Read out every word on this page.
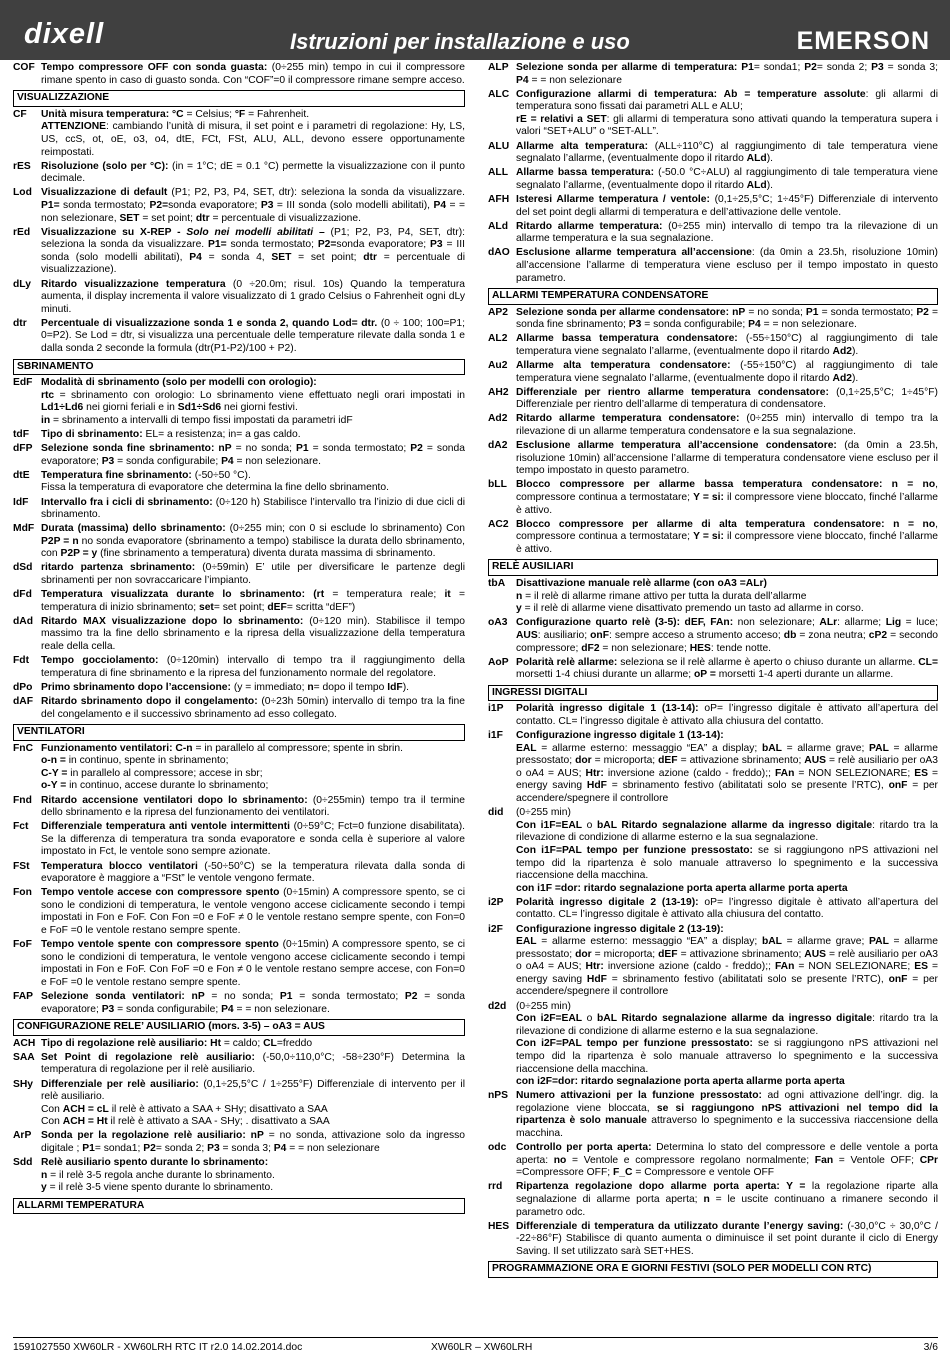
dixell	Istruzioni per installazione e uso	EMERSON
COF Tempo compressore OFF con sonda guasta: (0÷255 min) tempo in cui il compressore rimane spento in caso di guasto sonda. Con “COF”=0 il compressore rimane sempre acceso.
VISUALIZZAZIONE
CF Unità misura temperatura: °C = Celsius; °F = Fahrenheit.
ATTENZIONE: cambiando l’unità di misura, il set point e i parametri di regolazione: Hy, LS, US, ccS, ot, oE, o3, o4, dtE, FCt, FSt, ALU, ALL, devono essere opportunamente reimpostati.
rES Risoluzione (solo per °C): (in = 1°C; dE = 0.1 °C) permette la visualizzazione con il punto decimale.
Lod Visualizzazione di default (P1; P2, P3, P4, SET, dtr): seleziona la sonda da visualizzare. P1= sonda termostato; P2=sonda evaporatore; P3 = III sonda (solo modelli abilitati), P4 = = non selezionare, SET = set point; dtr = percentuale di visualizzazione.
rEd Visualizzazione su X-REP - Solo nei modelli abilitati – (P1; P2, P3, P4, SET, dtr): seleziona la sonda da visualizzare. P1= sonda termostato; P2=sonda evaporatore; P3 = III sonda (solo modelli abilitati), P4 = sonda 4, SET = set point; dtr = percentuale di visualizzazione).
dLy Ritardo visualizzazione temperatura (0 ÷20.0m; risul. 10s) Quando la temperatura aumenta, il display incrementa il valore visualizzato di 1 grado Celsius o Fahrenheit ogni dLy minuti.
dtr Percentuale di visualizzazione sonda 1 e sonda 2, quando Lod= dtr. (0 ÷ 100; 100=P1; 0=P2). Se Lod = dtr, si visualizza una percentuale delle temperature rilevate dalla sonda 1 e dalla sonda 2 seconde la formula (dtr(P1-P2)/100 + P2).
SBRINAMENTO
EdF Modalità di sbrinamento (solo per modelli con orologio):
rtc = sbrinamento con orologio: Lo sbrinamento viene effettuato negli orari impostati in Ld1÷Ld6 nei giorni feriali e in Sd1÷Sd6 nei giorni festivi.
in = sbrinamento a intervalli di tempo fissi impostati da parametri idF
tdF Tipo di sbrinamento: EL= a resistenza; in= a gas caldo.
dFP Selezione sonda fine sbrinamento: nP = no sonda; P1 = sonda termostato; P2 = sonda evaporatore; P3 = sonda configurabile; P4 = non selezionare.
dtE Temperatura fine sbrinamento: (-50÷50 °C).
Fissa la temperatura di evaporatore che determina la fine dello sbrinamento.
IdF Intervallo fra i cicli di sbrinamento: (0÷120 h) Stabilisce l’intervallo tra l’inizio di due cicli di sbrinamento.
MdF Durata (massima) dello sbrinamento: (0÷255 min; con 0 si esclude lo sbrinamento) Con P2P = n no sonda evaporatore (sbrinamento a tempo) stabilisce la durata dello sbrinamento, con P2P = y (fine sbrinamento a temperatura) diventa durata massima di sbrinamento.
dSd ritardo partenza sbrinamento: (0÷59min) E’ utile per diversificare le partenze degli sbrinamenti per non sovraccaricare l’impianto.
dFd Temperatura visualizzata durante lo sbrinamento: (rt = temperatura reale; it = temperatura di inizio sbrinamento; set= set point; dEF= scritta “dEF”)
dAd Ritardo MAX visualizzazione dopo lo sbrinamento: (0÷120 min). Stabilisce il tempo massimo tra la fine dello sbrinamento e la ripresa della visualizzazione della temperatura reale della cella.
Fdt Tempo gocciolamento: (0÷120min) intervallo di tempo tra il raggiungimento della temperatura di fine sbrinamento e la ripresa del funzionamento normale del regolatore.
dPo Primo sbrinamento dopo l’accensione: (y = immediato; n= dopo il tempo IdF).
dAF Ritardo sbrinamento dopo il congelamento: (0÷23h 50min) intervallo di tempo tra la fine del congelamento e il successivo sbrinamento ad esso collegato.
VENTILATORI
FnC Funzionamento ventilatori: C-n = in parallelo al compressore; spente in sbrin.
o-n = in continuo, spente in sbrinamento;
C-Y = in parallelo al compressore; accese in sbr;
o-Y = in continuo, accese durante lo sbrinamento;
Fnd Ritardo accensione ventilatori dopo lo sbrinamento: (0÷255min) tempo tra il termine dello sbrinamento e la ripresa del funzionamento dei ventilatori.
Fct Differenziale temperatura anti ventole intermittenti (0÷59°C; Fct=0 funzione disabilitata). Se la differenza di temperatura tra sonda evaporatore e sonda cella è superiore al valore impostato in Fct, le ventole sono sempre azionate.
FSt Temperatura blocco ventilatori (-50÷50°C) se la temperatura rilevata dalla sonda di evaporatore è maggiore a “FSt” le ventole vengono fermate.
Fon Tempo ventole accese con compressore spento (0÷15min) A compressore spento, se ci sono le condizioni di temperatura, le ventole vengono accese ciclicamente secondo i tempi impostati in Fon e FoF. Con Fon =0 e FoF ≠ 0 le ventole restano sempre spente, con Fon=0 e FoF =0 le ventole restano sempre spente.
FoF Tempo ventole spente con compressore spento (0÷15min) A compressore spento, se ci sono le condizioni di temperatura, le ventole vengono accese ciclicamente secondo i tempi impostati in Fon e FoF. Con FoF =0 e Fon ≠ 0 le ventole restano sempre accese, con Fon=0 e FoF =0 le ventole restano sempre spente.
FAP Selezione sonda ventilatori: nP = no sonda; P1 = sonda termostato; P2 = sonda evaporatore; P3 = sonda configurabile; P4 = = non selezionare.
CONFIGURAZIONE RELE’ AUSILIARIO (mors. 3-5) – oA3 = AUS
ACH Tipo di regolazione relè ausiliario: Ht = caldo; CL=freddo
SAA Set Point di regolazione relè ausiliario: (-50,0÷110,0°C; -58÷230°F) Determina la temperatura di regolazione per il relè ausiliario.
SHy Differenziale per relè ausiliario: (0,1÷25,5°C / 1÷255°F) Differenziale di intervento per il relè ausiliario.
Con ACH = cL il relè è attivato a SAA + SHy; disattivato a SAA
Con ACH = Ht il relè è attivato a SAA - SHy; . disattivato a SAA
ArP Sonda per la regolazione relè ausiliario: nP = no sonda, attivazione solo da ingresso digitale ; P1= sonda1; P2= sonda 2; P3 = sonda 3; P4 = = non selezionare
Sdd Relè ausiliario spento durante lo sbrinamento:
n = il relè 3-5 regola anche durante lo sbrinamento.
y = il relè 3-5 viene spento durante lo sbrinamento.
ALLARMI TEMPERATURA
ALP Selezione sonda per allarme di temperatura: P1= sonda1; P2= sonda 2; P3 = sonda 3; P4 = = non selezionare
ALC Configurazione allarmi di temperatura: Ab = temperature assolute: gli allarmi di temperatura sono fissati dai parametri ALL e ALU;
rE = relativi a SET: gli allarmi di temperatura sono attivati quando la temperatura supera i valori “SET+ALU” o “SET-ALL”.
ALU Allarme alta temperatura: (ALL÷110°C) al raggiungimento di tale temperatura viene segnalato l’allarme, (eventualmente dopo il ritardo ALd).
ALL Allarme bassa temperatura: (-50.0 °C÷ALU) al raggiungimento di tale temperatura viene segnalato l’allarme, (eventualmente dopo il ritardo ALd).
AFH Isteresi Allarme temperatura / ventole: (0,1÷25,5°C; 1÷45°F) Differenziale di intervento del set point degli allarmi di temperatura e dell’attivazione delle ventole.
ALd Ritardo allarme temperatura: (0÷255 min) intervallo di tempo tra la rilevazione di un allarme temperatura e la sua segnalazione.
dAO Esclusione allarme temperatura all’accensione: (da 0min a 23.5h, risoluzione 10min) all’accensione l’allarme di temperatura viene escluso per il tempo impostato in questo parametro.
ALLARMI TEMPERATURA CONDENSATORE
AP2 Selezione sonda per allarme condensatore: nP = no sonda; P1 = sonda termostato; P2 = sonda fine sbrinamento; P3 = sonda configurabile; P4 = = non selezionare.
AL2 Allarme bassa temperatura condensatore: (-55÷150°C) al raggiungimento di tale temperatura viene segnalato l’allarme, (eventualmente dopo il ritardo Ad2).
Au2 Allarme alta temperatura condensatore: (-55÷150°C) al raggiungimento di tale temperatura viene segnalato l’allarme, (eventualmente dopo il ritardo Ad2).
AH2 Differenziale per rientro allarme temperatura condensatore: (0,1÷25,5°C; 1÷45°F) Differenziale per rientro dell’allarme di temperatura di condensatore.
Ad2 Ritardo allarme temperatura condensatore: (0÷255 min) intervallo di tempo tra la rilevazione di un allarme temperatura condensatore e la sua segnalazione.
dA2 Esclusione allarme temperatura all’accensione condensatore: (da 0min a 23.5h, risoluzione 10min) all’accensione l’allarme di temperatura condensatore viene escluso per il tempo impostato in questo parametro.
bLL Blocco compressore per allarme bassa temperatura condensatore: n = no, compressore continua a termostatare; Y = si: il compressore viene bloccato, finché l’allarme è attivo.
AC2 Blocco compressore per allarme di alta temperatura condensatore: n = no, compressore continua a termostatare; Y = si: il compressore viene bloccato, finché l’allarme è attivo.
RELÈ AUSILIARI
tbA Disattivazione manuale relè allarme (con oA3 =ALr)
n = il relè di allarme rimane attivo per tutta la durata dell’allarme
y = il relè di allarme viene disattivato premendo un tasto ad allarme in corso.
oA3 Configurazione quarto relè (3-5): dEF, FAn: non selezionare; ALr: allarme; Lig = luce; AUS: ausiliario; onF: sempre acceso a strumento acceso; db = zona neutra; cP2 = secondo compressore; dF2 = non selezionare; HES: tende notte.
AoP Polarità relè allarme: seleziona se il relè allarme è aperto o chiuso durante un allarme. CL= morsetti 1-4 chiusi durante un allarme; oP = morsetti 1-4 aperti durante un allarme.
INGRESSI DIGITALI
i1P Polarità ingresso digitale 1 (13-14): oP= l’ingresso digitale è attivato all’apertura del contatto. CL= l’ingresso digitale è attivato alla chiusura del contatto.
i1F Configurazione ingresso digitale 1 (13-14):
EAL = allarme esterno: messaggio “EA” a display; bAL = allarme grave; PAL = allarme pressostato; dor = microporta; dEF = attivazione sbrinamento; AUS = relè ausiliario per oA3 o oA4 = AUS; Htr: inversione azione (caldo - freddo);; FAn = NON SELEZIONARE; ES = energy saving HdF = sbrinamento festivo (abilitatati solo se presente l’RTC), onF = per accendere/spegnere il controllore
did (0÷255 min)
Con i1F=EAL o bAL Ritardo segnalazione allarme da ingresso digitale: ritardo tra la rilevazione di condizione di allarme esterno e la sua segnalazione.
Con i1F=PAL tempo per funzione pressostato: se si raggiungono nPS attivazioni nel tempo did la ripartenza è solo manuale attraverso lo spegnimento e la successiva riaccensione della macchina.
con i1F =dor: ritardo segnalazione porta aperta allarme porta aperta
i2P Polarità ingresso digitale 2 (13-19): oP= l’ingresso digitale è attivato all’apertura del contatto. CL= l’ingresso digitale è attivato alla chiusura del contatto.
i2F Configurazione ingresso digitale 2 (13-19):
EAL = allarme esterno: messaggio “EA” a display; bAL = allarme grave; PAL = allarme pressostato; dor = microporta; dEF = attivazione sbrinamento; AUS = relè ausiliario per oA3 o oA4 = AUS; Htr: inversione azione (caldo - freddo);; FAn = NON SELEZIONARE; ES = energy saving HdF = sbrinamento festivo (abilitatati solo se presente l’RTC), onF = per accendere/spegnere il controllore
d2d (0÷255 min)
Con i2F=EAL o bAL Ritardo segnalazione allarme da ingresso digitale: ritardo tra la rilevazione di condizione di allarme esterno e la sua segnalazione.
Con i2F=PAL tempo per funzione pressostato: se si raggiungono nPS attivazioni nel tempo did la ripartenza è solo manuale attraverso lo spegnimento e la successiva riaccensione della macchina.
con i2F=dor: ritardo segnalazione porta aperta allarme porta aperta
nPS Numero attivazioni per la funzione pressostato: ad ogni attivazione dell’ingr. dig. la regolazione viene bloccata, se si raggiungono nPS attivazioni nel tempo did la ripartenza è solo manuale attraverso lo spegnimento e la successiva riaccensione della macchina.
odc Controllo per porta aperta: Determina lo stato del compressore e delle ventole a porta aperta: no = Ventole e compressore regolano normalmente; Fan = Ventole OFF; CPr =Compressore OFF; F_C = Compressore e ventole OFF
rrd Ripartenza regolazione dopo allarme porta aperta: Y = la regolazione riparte alla segnalazione di allarme porta aperta; n = le uscite continuano a rimanere secondo il parametro odc.
HES Differenziale di temperatura da utilizzato durante l’energy saving: (-30,0°C ÷ 30,0°C / -22÷86°F) Stabilisce di quanto aumenta o diminuisce il set point durante il ciclo di Energy Saving. Il set utilizzato sarà SET+HES.
PROGRAMMAZIONE ORA E GIORNI FESTIVI (SOLO PER MODELLI CON RTC)
1591027550 XW60LR - XW60LRH RTC IT r2.0 14.02.2014.doc	XW60LR – XW60LRH	3/6
